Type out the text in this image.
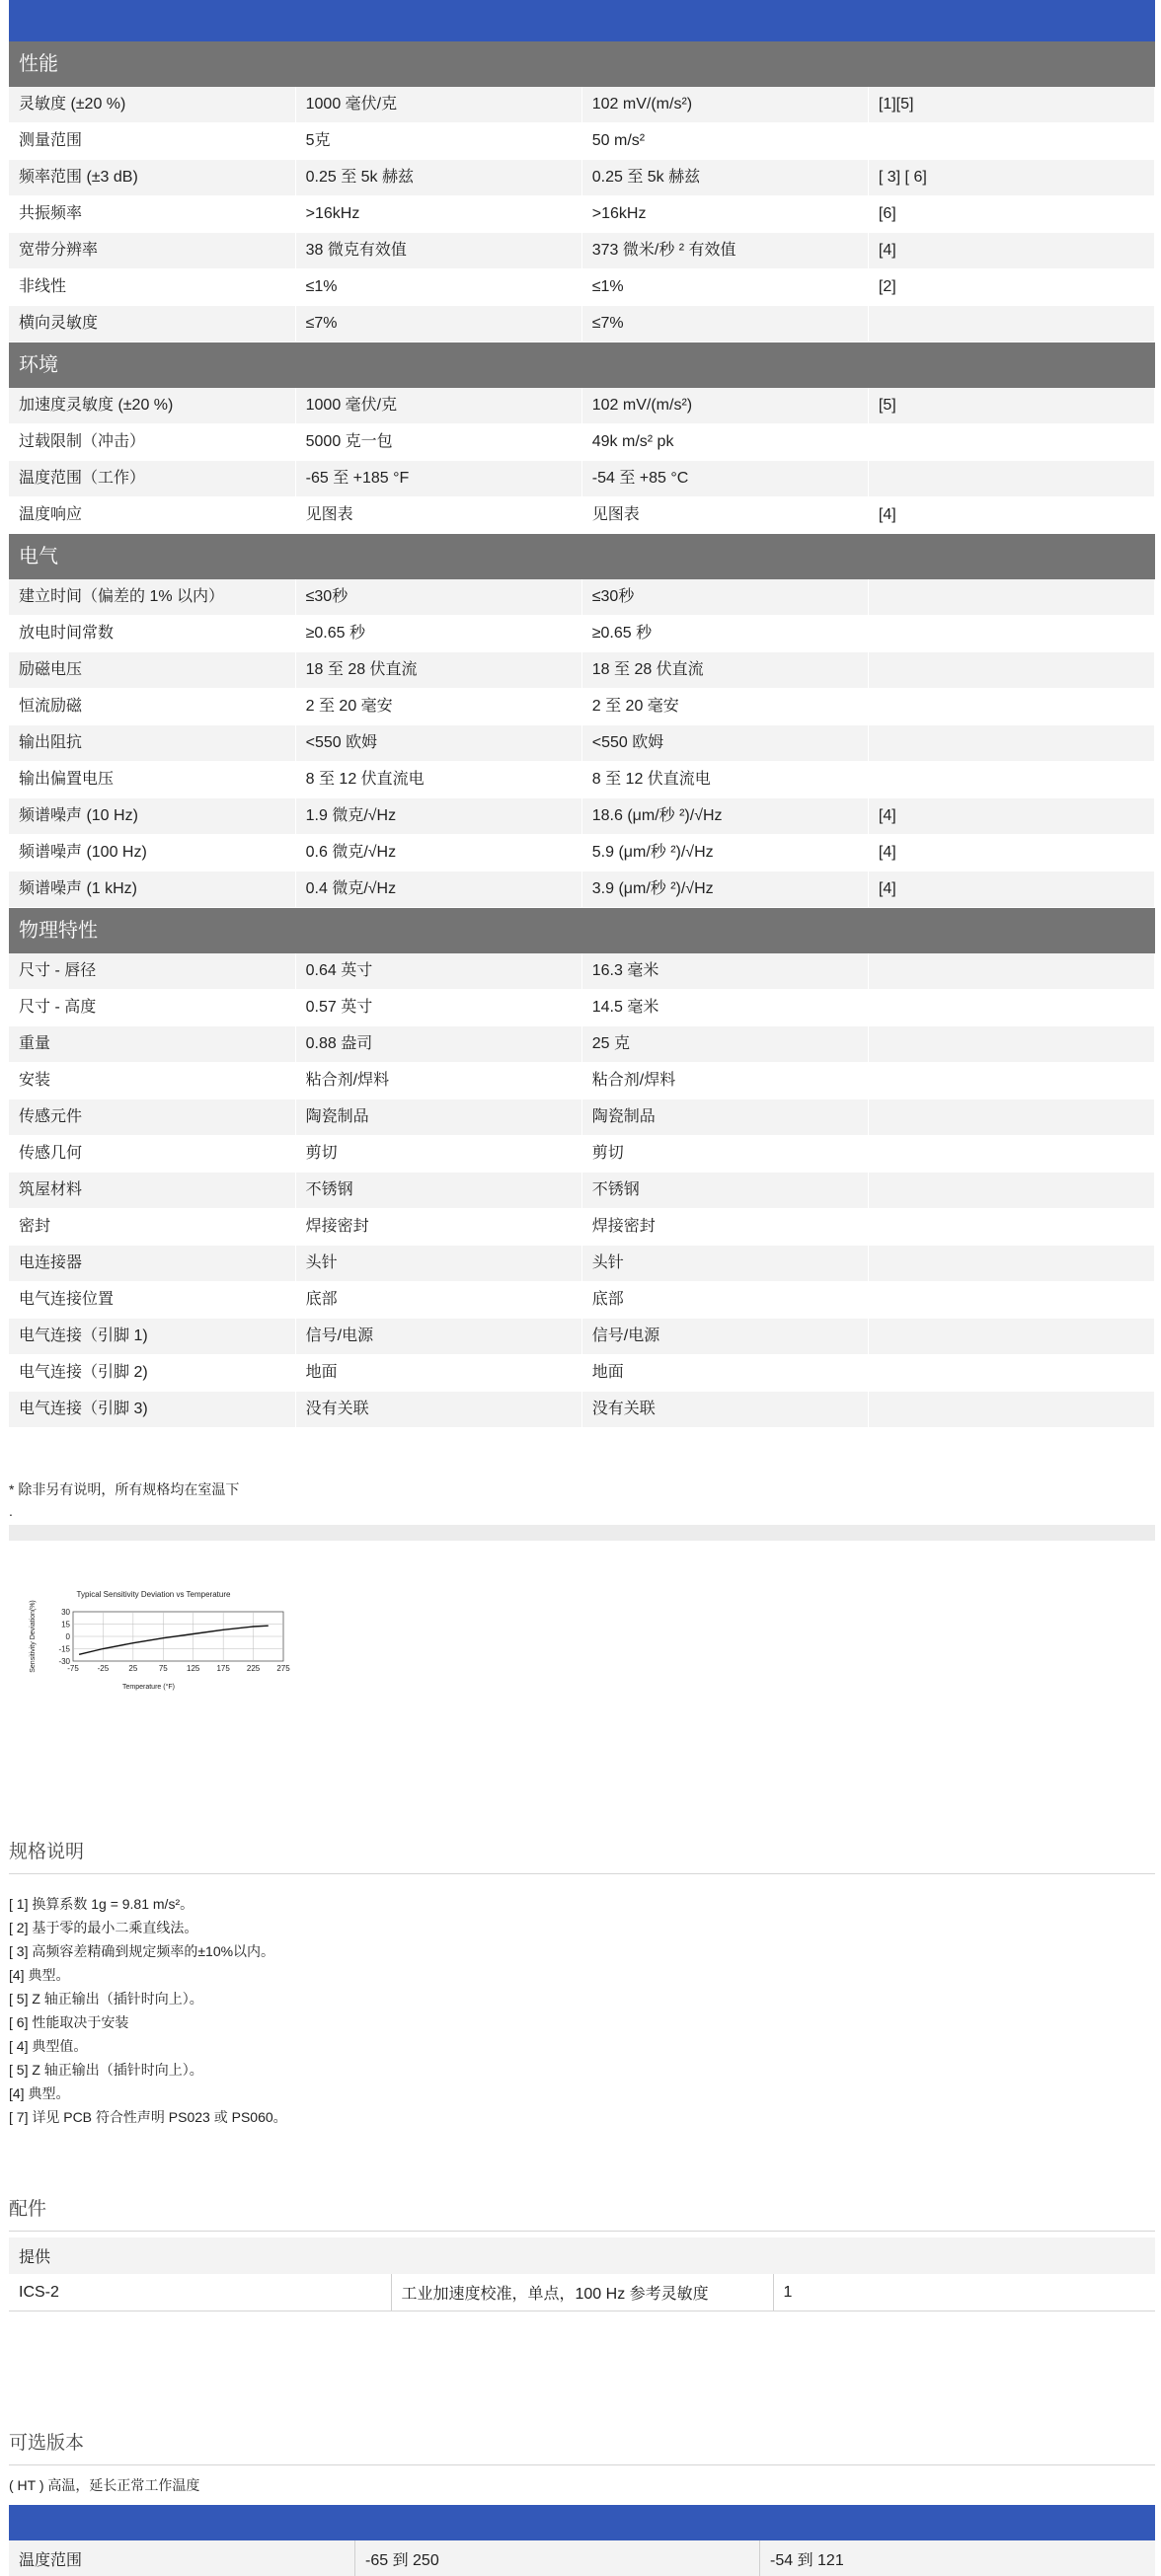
性能			
灵敏度 (±20 %)	1000 毫伏/克	102 mV/(m/s²)	[1][5]
测量范围	5克	50 m/s²	
频率范围 (±3 dB)	0.25 至 5k 赫兹	0.25 至 5k 赫兹	[ 3] [ 6]
共振频率	>16kHz	>16kHz	[6]
宽带分辨率	38 微克有效值	373 微米/秒 ² 有效值	[4]
非线性	≤1%	≤1%	[2]
横向灵敏度	≤7%	≤7%	
环境			
加速度灵敏度 (±20 %)	1000 毫伏/克	102 mV/(m/s²)	[5]
过载限制（冲击）	5000 克一包	49k m/s² pk	
温度范围（工作）	-65 至 +185 °F	-54 至 +85 °C	
温度响应	见图表	见图表	[4]
电气			
建立时间（偏差的 1% 以内）	≤30秒	≤30秒	
放电时间常数	≥0.65 秒	≥0.65 秒	
励磁电压	18 至 28 伏直流	18 至 28 伏直流	
恒流励磁	2 至 20 毫安	2 至 20 毫安	
输出阻抗	<550 欧姆	<550 欧姆	
输出偏置电压	8 至 12 伏直流电	8 至 12 伏直流电	
频谱噪声 (10 Hz)	1.9 微克/√Hz	18.6 (μm/秒 ²)/√Hz	[4]
频谱噪声 (100 Hz)	0.6 微克/√Hz	5.9 (μm/秒 ²)/√Hz	[4]
频谱噪声 (1 kHz)	0.4 微克/√Hz	3.9 (μm/秒 ²)/√Hz	[4]
物理特性			
尺寸 - 唇径	0.64 英寸	16.3 毫米	
尺寸 - 高度	0.57 英寸	14.5 毫米	
重量	0.88 盎司	25 克	
安装	粘合剂/焊料	粘合剂/焊料	
传感元件	陶瓷制品	陶瓷制品	
传感几何	剪切	剪切	
筑屋材料	不锈钢	不锈钢	
密封	焊接密封	焊接密封	
电连接器	头针	头针	
电气连接位置	底部	底部	
电气连接（引脚 1)	信号/电源	信号/电源	
电气连接（引脚 2)	地面	地面	
电气连接（引脚 3)	没有关联	没有关联	
* 除非另有说明，所有规格均在室温下
.
Typical Sensitivity Deviation vs Temperature
-75 -25	25	75 125 175 225 275
30
15
0
-15
-30
Temperature (°F)
Sensitivity Deviation(%)
规格说明
[ 1] 换算系数 1g = 9.81 m/s²。
[ 2] 基于零的最小二乘直线法。
[ 3] 高频容差精确到规定频率的±10%以内。
[4] 典型。
[ 5] Z 轴正输出（插针时向上）。
[ 6] 性能取决于安装
[ 4] 典型值。
[ 5] Z 轴正输出（插针时向上）。
[4] 典型。
[ 7] 详见 PCB 符合性声明 PS023 或 PS060。
配件
提供
ICS-2	工业加速度校准，单点，100 Hz 参考灵敏度	1
可选版本
( HT ) 高温，延长正常工作温度
温度范围	-65 到 250	-54 到 121
